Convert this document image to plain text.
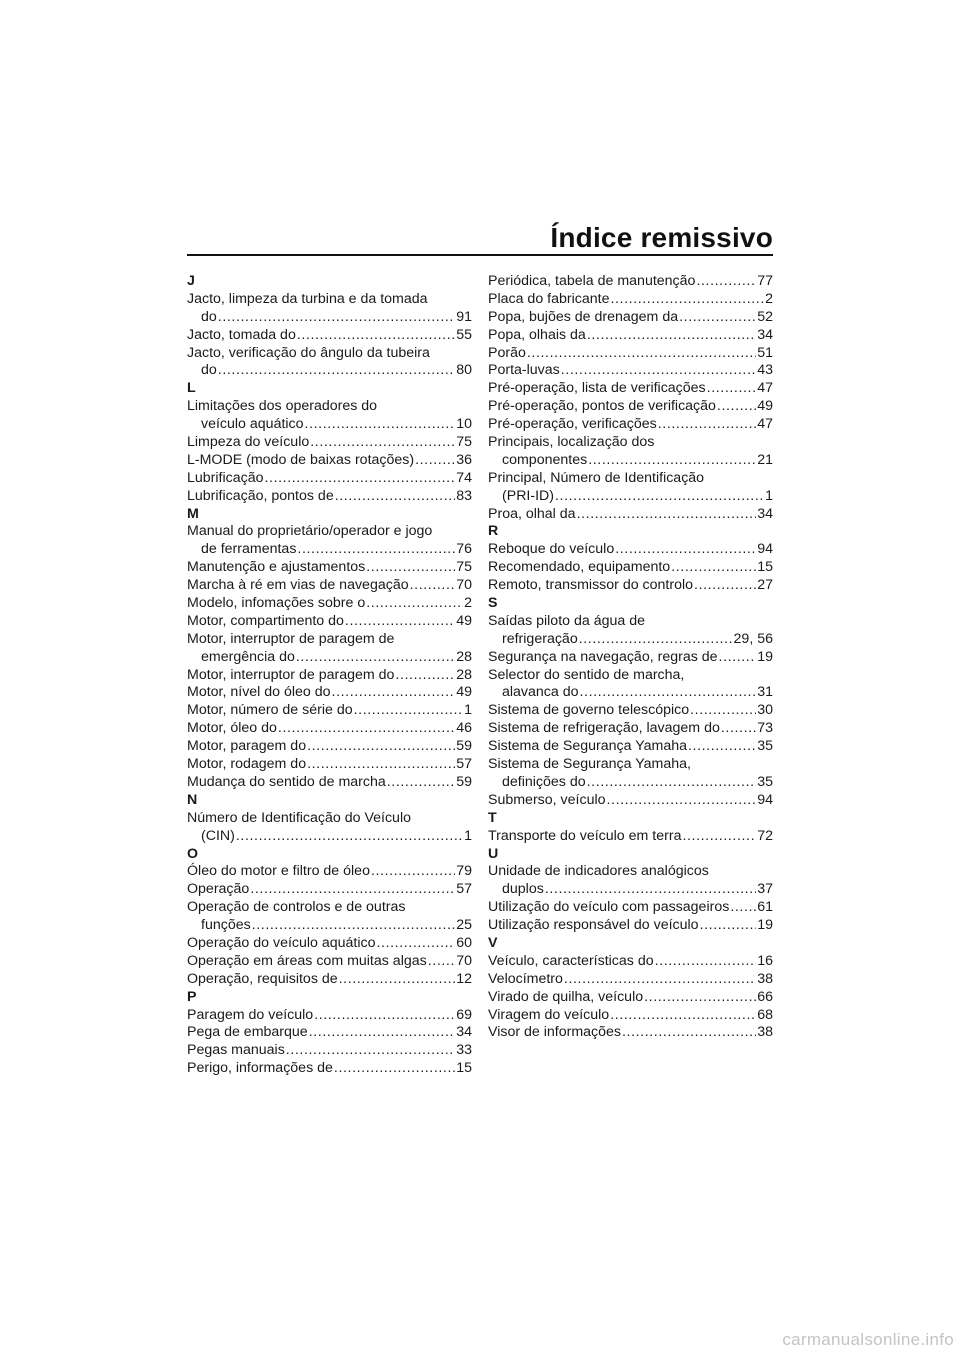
Índice remissivo
J
Jacto, limpeza da turbina e da tomada
do .....	91
Jacto, tomada do .....	55
Jacto, verificação do ângulo da tubeira
do .....	80
L
Limitações dos operadores do
veículo aquático .....	10
Limpeza do veículo .....	75
L-MODE (modo de baixas rotações) .....	36
Lubrificação .....	74
Lubrificação, pontos de .....	83
M
Manual do proprietário/operador e jogo
de ferramentas .....	76
Manutenção e ajustamentos .....	75
Marcha à ré em vias de navegação .....	70
Modelo, infomações sobre o .....	2
Motor, compartimento do .....	49
Motor, interruptor de paragem de
emergência do .....	28
Motor, interruptor de paragem do .....	28
Motor, nível do óleo do .....	49
Motor, número de série do .....	1
Motor, óleo do .....	46
Motor, paragem do .....	59
Motor, rodagem do .....	57
Mudança do sentido de marcha .....	59
N
Número de Identificação do Veículo
(CIN) .....	1
O
Óleo do motor e filtro de óleo .....	79
Operação .....	57
Operação de controlos e de outras
funções .....	25
Operação do veículo aquático .....	60
Operação em áreas com muitas algas ..... 70
Operação, requisitos de .....	12
P
Paragem do veículo .....	69
Pega de embarque .....	34
Pegas manuais .....	33
Perigo, informações de .....	15
Periódica, tabela de manutenção .....	77
Placa do fabricante .....	2
Popa, bujões de drenagem da .....	52
Popa, olhais da .....	34
Porão .....	51
Porta-luvas .....	43
Pré-operação, lista de verificações .....	47
Pré-operação, pontos de verificação .....	49
Pré-operação, verificações .....	47
Principais, localização dos
componentes .....	21
Principal, Número de Identificação
(PRI-ID) .....	1
Proa, olhal da .....	34
R
Reboque do veículo .....	94
Recomendado, equipamento .....	15
Remoto, transmissor do controlo .....	27
S
Saídas piloto da água de
refrigeração .....	29, 56
Segurança na navegação, regras de .....	19
Selector do sentido de marcha,
alavanca do .....	31
Sistema de governo telescópico .....	30
Sistema de refrigeração, lavagem do .....	73
Sistema de Segurança Yamaha .....	35
Sistema de Segurança Yamaha,
definições do .....	35
Submerso, veículo .....	94
T
Transporte do veículo em terra .....	72
U
Unidade de indicadores analógicos
duplos .....	37
Utilização do veículo com passageiros ..... 61
Utilização responsável do veículo .....	19
V
Veículo, características do .....	16
Velocímetro .....	38
Virado de quilha, veículo .....	66
Viragem do veículo .....	68
Visor de informações .....	38
carmanualsonline.info
